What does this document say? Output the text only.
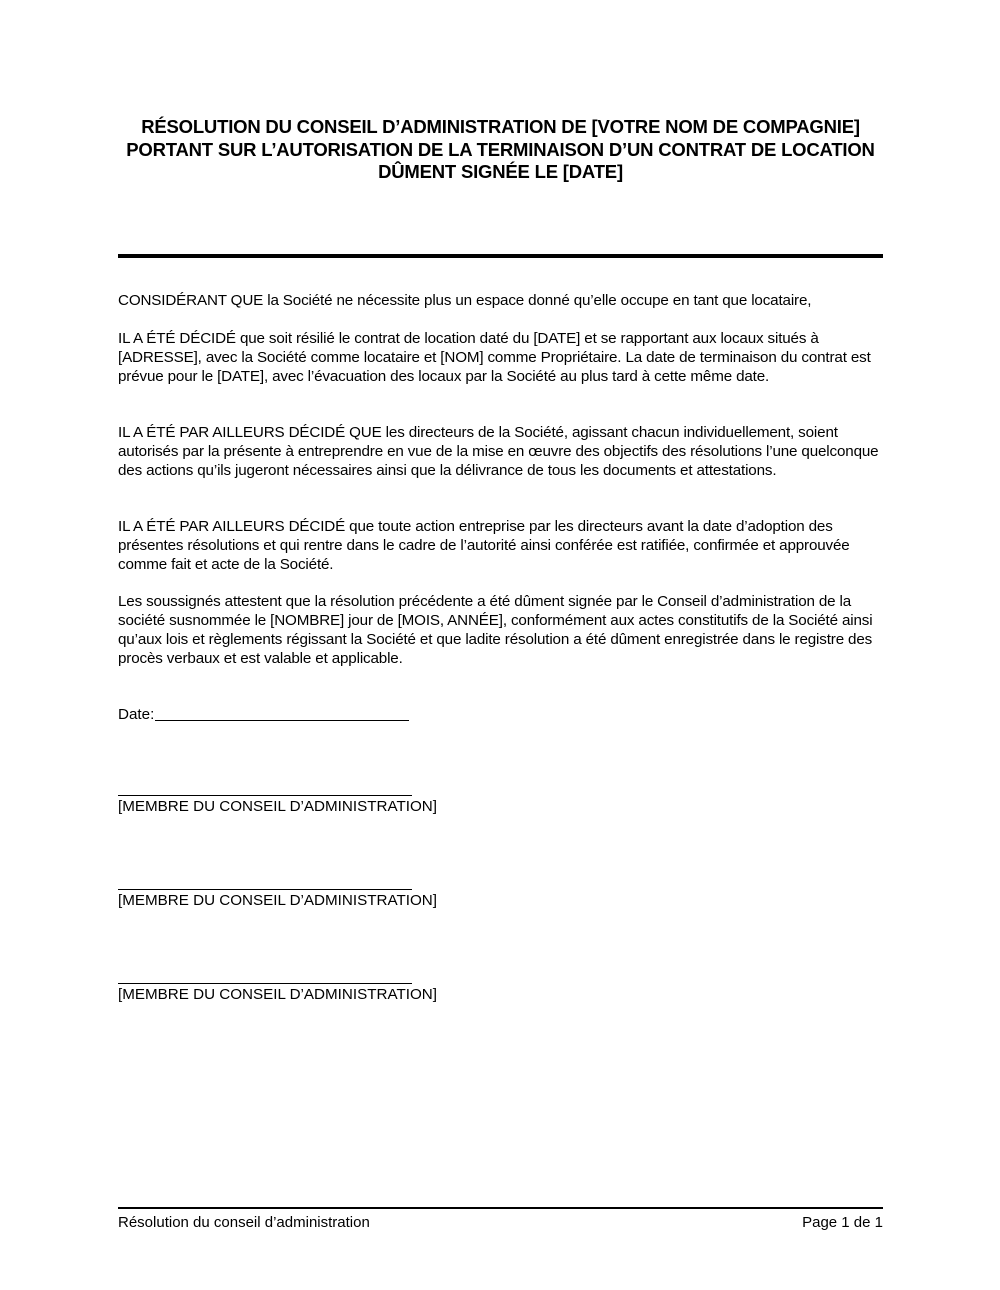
RÉSOLUTION DU CONSEIL D’ADMINISTRATION DE [VOTRE NOM DE COMPAGNIE]
PORTANT SUR L’AUTORISATION DE LA TERMINAISON D’UN CONTRAT DE LOCATION
DÛMENT SIGNÉE LE [DATE]
CONSIDÉRANT QUE la Société ne nécessite plus un espace donné qu’elle occupe en tant que locataire,
IL A ÉTÉ DÉCIDÉ que soit résilié le contrat de location daté du [DATE] et se rapportant aux locaux situés à [ADRESSE], avec la Société comme locataire et [NOM] comme Propriétaire. La date de terminaison du contrat est prévue pour le [DATE], avec l’évacuation des locaux par la Société au plus tard à cette même date.
IL A ÉTÉ PAR AILLEURS DÉCIDÉ QUE les directeurs de la Société, agissant chacun individuellement, soient autorisés par la présente à entreprendre en vue de la mise en œuvre des objectifs des résolutions l’une quelconque des actions qu’ils jugeront nécessaires ainsi que la délivrance de tous les documents et attestations.
IL A ÉTÉ PAR AILLEURS DÉCIDÉ que toute action entreprise par les directeurs avant la date d’adoption des présentes résolutions et qui rentre dans le cadre de l’autorité ainsi conférée est ratifiée, confirmée et approuvée comme fait et acte de la Société.
Les soussignés attestent que la résolution précédente a été dûment signée par le Conseil d’administration de la société susnommée le [NOMBRE] jour de [MOIS, ANNÉE], conformément aux actes constitutifs de la Société ainsi qu’aux lois et règlements régissant la Société et que ladite résolution a été dûment enregistrée dans le registre des procès verbaux et est valable et applicable.
Date:
[MEMBRE DU CONSEIL D’ADMINISTRATION]
[MEMBRE DU CONSEIL D’ADMINISTRATION]
[MEMBRE DU CONSEIL D’ADMINISTRATION]
Résolution du conseil d’administration	Page 1 de 1
